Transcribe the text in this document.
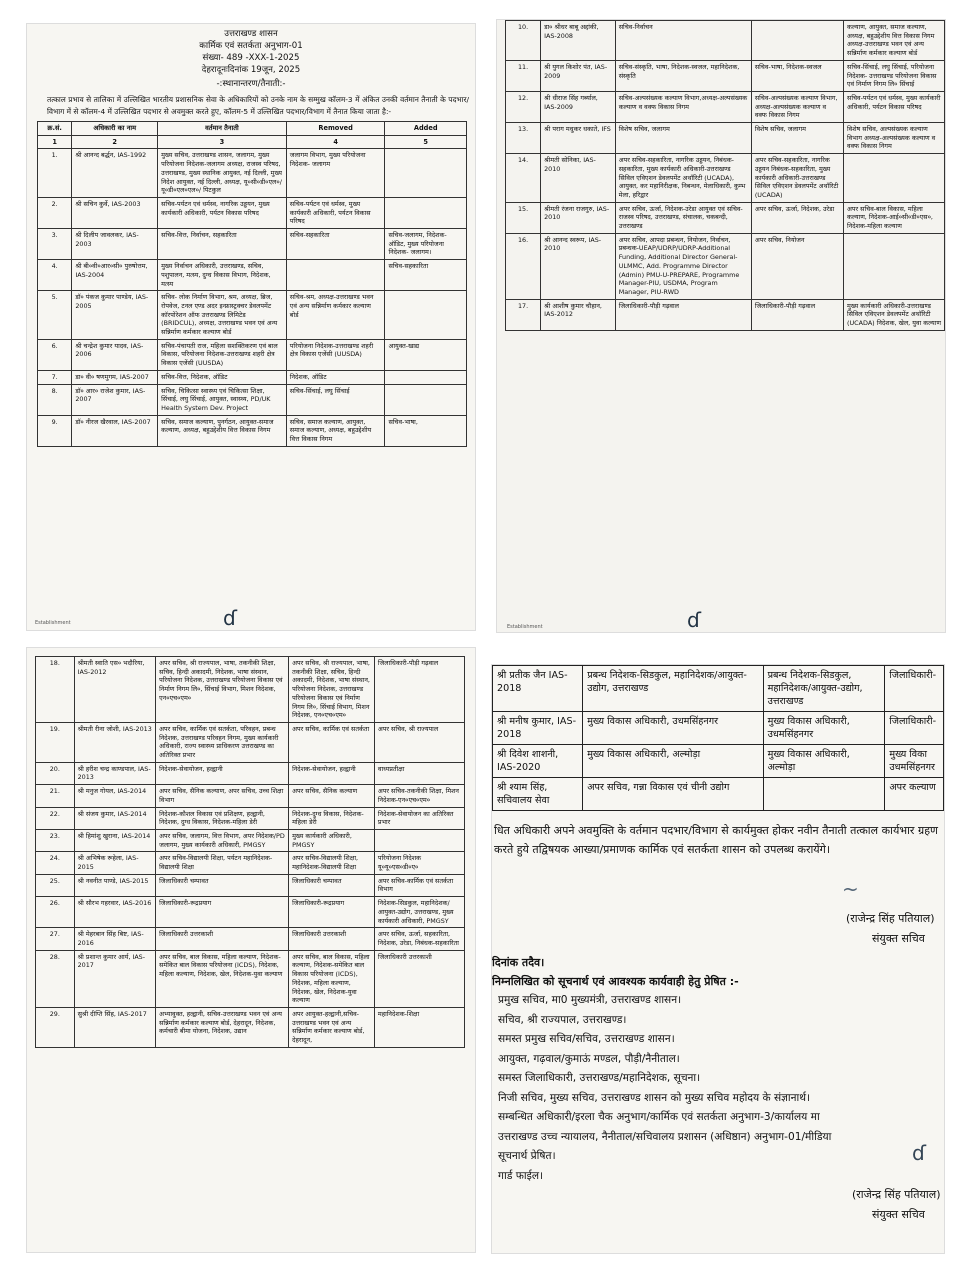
उत्तराखण्ड शासन
कार्मिक एवं सतर्कता अनुभाग-01
संख्या- 489 -XXX-1-2025
देहरादूनःदिनांक 19जून, 2025
-:स्थानान्तरण/तैनाती:-
तत्काल प्रभाव से तालिका में उल्लिखित भारतीय प्रशासनिक सेवा के अधिकारियों को उनके नाम के सम्मुख कॉलम-3 में अंकित उनकी वर्तमान तैनाती के पदभार/विभाग में से कॉलम-4 में उल्लिखित पदभार से अवमुक्त करते हुए, कॉलम-5 में उल्लिखित पदभार/विभाग में तैनात किया जाता है:-
क्र.सं.	अधिकारी का नाम	वर्तमान तैनाती	Removed	Added
1	2	3	4	5
1.	श्री आनन्द बर्द्धन, IAS-1992	मुख्य सचिव, उत्तराखण्ड शासन, जलागम, मुख्य परियोजना निदेशक-जलागम अध्यक्ष, राजस्व परिषद, उत्तराखण्ड, मुख्य स्थानिक आयुक्त, नई दिल्ली, मुख्य निदेश आयुक्त, नई दिल्ली, अध्यक्ष, यू०सी०डी०एल०/ यू०डी०एल०एल०/ पिटकुल	जलागम विभाग, मुख्य परियोजना निदेशक- जलागम	
2.	श्री सचिन कुर्वे, IAS-2003	सचिव-पर्यटन एवं धर्मस्व, नागरिक उड्डयन, मुख्य कार्यकारी अधिकारी, पर्यटन विकास परिषद	सचिव-पर्यटन एवं धर्मस्व, मुख्य कार्यकारी अधिकारी, पर्यटन विकास परिषद	
3.	श्री दिलीप जावलकर, IAS-2003	सचिव-वित्त, निर्वाचन, सहकारिता	सचिव-सहकारिता	सचिव-जलागम, निदेशक-ऑडिट, मुख्य परियोजना निदेशक- जलागम।
4.	श्री बी०वी०आर०सी० पुरुषोत्तम, IAS-2004	मुख्य निर्वाचन अधिकारी, उत्तराखण्ड, सचिव, पशुपालन, मत्स्य, दुग्ध विकास विभाग, निदेशक, मत्स्य		सचिव-सहकारिता
5.	डॉ० पंकज कुमार पाण्डेय, IAS-2005	सचिव- लोक निर्माण विभाग, श्रम, अध्यक्ष, ब्रिज, रोपवेज, टनल एण्ड अदर इन्फ्रास्ट्रक्चर डेवलपमेंट कॉरपोरेशन ऑफ उत्तराखण्ड लिमिटेड (BRIDCUL), अध्यक्ष, उत्तराखण्ड भवन एवं अन्य सन्निर्माण कर्मकार कल्याण बोर्ड	सचिव-श्रम, अध्यक्ष-उत्तराखण्ड भवन एवं अन्य सन्निर्माण कर्मकार कल्याण बोर्ड	
6.	श्री चन्द्रेश कुमार यादव, IAS-2006	सचिव-पंचायती राज, महिला सशक्तिकरण एवं बाल विकास, परियोजना निदेशक-उत्तराखण्ड शहरी क्षेत्र विकास एजेंसी (UUSDA)	परियोजना निदेशक-उत्तराखण्ड शहरी क्षेत्र विकास एजेंसी (UUSDA)	आयुक्त-खाद्य
7.	डा० वी० षणमुगम, IAS-2007	सचिव-वित्त, निदेशक, ऑडिट	निदेशक, ऑडिट	
8.	डॉ० आर० राजेश कुमार, IAS-2007	सचिव, चिकित्सा स्वास्थ्य एवं चिकित्सा शिक्षा, सिंचाई, लघु सिंचाई, आयुक्त, स्वास्थ्य, PD/UK Health System Dev. Project	सचिव-सिंचाई, लघु सिंचाई	
9.	डॉ० नीरज खैरवाल, IAS-2007	सचिव, समाज कल्याण, पुनर्गठन, आयुक्त-समाज कल्याण, अध्यक्ष, बहुउद्देशीय वित्त विकास निगम	सचिव, समाज कल्याण, आयुक्त, समाज कल्याण, अध्यक्ष, बहुउद्देशीय वित्त विकास निगम	सचिव-भाषा,
Establishment	ɗ
10.	डा० श्रीधर बाबू अद्दांकी, IAS-2008	सचिव-निर्वाचन		कल्याण, आयुक्त, समाज कल्याण, अध्यक्ष, बहुउद्देशीय वित्त विकास निगम अध्यक्ष-उत्तराखण्ड भवन एवं अन्य सन्निर्माण कर्मकार कल्याण बोर्ड
11.	श्री युगल किशोर पंत, IAS-2009	सचिव-संस्कृति, भाषा, निदेशक-स्वजल, महानिदेशक, संस्कृति	सचिव-भाषा, निदेशक-स्वजल	सचिव-सिंचाई, लघु सिंचाई, परियोजना निदेशक- उत्तराखण्ड परियोजना विकास एवं निर्माण निगम लि० सिंचाई
12.	श्री धीराज सिंह गर्ब्याल, IAS-2009	सचिव-अल्पसंख्यक कल्याण विभाग,अध्यक्ष-अल्पसंख्यक कल्याण व वक्फ विकास निगम	सचिव-अल्पसंख्यक कल्याण विभाग, अध्यक्ष-अल्पसंख्यक कल्याण व वक्फ विकास निगम	सचिव-पर्यटन एवं धर्मस्व, मुख्य कार्यकारी अधिकारी, पर्यटन विकास परिषद
13.	श्री पराग मधुकर धकाते, IFS	विशेष सचिव, जलागम	विशेष सचिव, जलागम	विशेष सचिव, अल्पसंख्यक कल्याण विभाग अध्यक्ष-अल्पसंख्यक कल्याण व वक्फ विकास निगम
14.	श्रीमती सोनिका, IAS-2010	अपर सचिव-सहकारिता, नागरिक उड्डयन, निबंधक-सहकारिता, मुख्य कार्यकारी अधिकारी-उत्तराखण्ड सिविल एविएशन डेवलपमेंट अथॉरिटी (UCADA), आयुक्त, कर महानिरीक्षक, निबन्धन, मेलाधिकारी, कुम्भ मेला, हरिद्वार	अपर सचिव-सहकारिता, नागरिक उड्डयन निबंधक-सहकारिता, मुख्य कार्यकारी अधिकारी-उत्तराखण्ड सिविल एविएशन डेवलपमेंट अथॉरिटी (UCADA)	
15.	श्रीमती रंजना राजगुरु, IAS-2010	अपर सचिव, ऊर्जा, निदेशक-उरेडा आयुक्त एवं सचिव-राजस्व परिषद, उत्तराखण्ड, संचालक, चकबन्दी, उत्तराखण्ड	अपर सचिव, ऊर्जा, निदेशक, उरेडा	अपर सचिव-बाल विकास, महिला कल्याण, निदेशक-आई०सी०डी०एस०, निदेशक-महिला कल्याण
16.	श्री आनन्द स्वरूप, IAS-2010	अपर सचिव, आपदा प्रबन्धन, नियोजन, निर्वाचन, प्रबन्धक-UEAP/UDRP/UDRP-Additional Funding, Additional Director General-ULMMC, Add. Programme Director (Admin) PMU-U-PREPARE, Programme Manager-PIU, USDMA, Program Manager, PIU-RWD	अपर सचिव, नियोजन	
17.	श्री आशीष कुमार चौहान, IAS-2012	जिलाधिकारी-पौड़ी गढ़वाल	जिलाधिकारी-पौड़ी गढ़वाल	मुख्य कार्यकारी अधिकारी-उत्तराखण्ड सिविल एविएशन डेवलपमेंट अथॉरिटी (UCADA) निदेशक, खेल, युवा कल्याण
Establishment	ɗ
18.	श्रीमती स्वाति एस० भदौरिया, IAS-2012	अपर सचिव, श्री राज्यपाल, भाषा, तकनीकी शिक्षा, सचिव, हिन्दी अकादमी, निदेशक, भाषा संस्थान, परियोजना निदेशक, उत्तराखण्ड परियोजना विकास एवं निर्माण निगम लि०, सिंचाई विभाग, मिशन निदेशक, एन०एच०एम०	अपर सचिव, श्री राज्यपाल, भाषा, तकनीकी शिक्षा, सचिव, हिन्दी अकादमी, निदेशक, भाषा संस्थान, परियोजना निदेशक, उत्तराखण्ड परियोजना विकास एवं निर्माण निगम लि०, सिंचाई विभाग, मिशन निदेशक, एन०एच०एम०	जिलाधिकारी-पौड़ी गढ़वाल
19.	श्रीमती रीना जोशी, IAS-2013	अपर सचिव, कार्मिक एवं सतर्कता, परिवहन, प्रबन्ध निदेशक, उत्तराखण्ड परिवहन निगम, मुख्य कार्यकारी अधिकारी, राज्य स्वास्थ्य प्राधिकरण उत्तराखण्ड का अतिरिक्त प्रभार	अपर सचिव, कार्मिक एवं सतर्कता	अपर सचिव, श्री राज्यपाल
20.	श्री हरीश चन्द्र काण्डपाल, IAS-2013	निदेशक-सेवायोजन, हल्द्वानी	निदेशक-सेवायोजन, हल्द्वानी	वाध्यप्रतीक्षा
21.	श्री मनुज गोयल, IAS-2014	अपर सचिव, सैनिक कल्याण, अपर सचिव, उच्च शिक्षा विभाग	अपर सचिव, सैनिक कल्याण	अपर सचिव-तकनीकी शिक्षा, मिशन निदेशक-एन०एच०एम०
22.	श्री संजय कुमार, IAS-2014	निदेशक-कौशल विकास एवं प्रशिक्षण, हल्द्वानी, निदेशक, दुग्ध विकास, निदेशक-महिला डेरी	निदेशक-दुग्ध विकास, निदेशक-महिला डेरी	निदेशक-सेवायोजन का अतिरिक्त प्रभार
23.	श्री हिमांशु खुराना, IAS-2014	अपर सचिव, जलागम, वित्त विभाग, अपर निदेशक/PD जलागम, मुख्य कार्यकारी अधिकारी, PMGSY	मुख्य कार्यकारी अधिकारी, PMGSY	
24.	श्री अभिषेक रूहेला, IAS-2015	अपर सचिव-विद्यालयी शिक्षा, पर्यटन महानिदेशक- विद्यालयी शिक्षा	अपर सचिव-विद्यालयी शिक्षा, महानिदेशक-विद्यालयी शिक्षा	परियोजना निदेशक यू०यू०एस०डी०ए०
25.	श्री नवनीत पाण्डे, IAS-2015	जिलाधिकारी चम्पावत	जिलाधिकारी चम्पावत	अपर सचिव-कार्मिक एवं सतर्कता विभाग
26.	श्री सौरभ गहरवार, IAS-2016	जिलाधिकारी-रूद्रप्रयाग	जिलाधिकारी-रूद्रप्रयाग	निदेशक-सिडकुल, महानिदेशक/आयुक्त-उद्योग, उत्तराखण्ड, मुख्य कार्यकारी अधिकारी, PMGSY
27.	श्री मेहरबान सिंह बिष्ट, IAS-2016	जिलाधिकारी उत्तरकाशी	जिलाधिकारी उत्तरकाशी	अपर सचिव, ऊर्जा, सहकारिता, निदेशक, उरेडा, निबंधक-सहकारिता
28.	श्री प्रशान्त कुमार आर्य, IAS-2017	अपर सचिव, बाल विकास, महिला कल्याण, निदेशक-समेकित बाल विकास परियोजना (ICDS), निदेशक, महिला कल्याण, निदेशक, खेल, निदेशक-युवा कल्याण	अपर सचिव, बाल विकास, महिला कल्याण, निदेशक-समेकित बाल विकास परियोजना (ICDS), निदेशक, महिला कल्याण, निदेशक, खेल, निदेशक-युवा कल्याण	जिलाधिकारी उत्तरकाशी
29.	सुश्री दीप्ति सिंह, IAS-2017	अभ्यावुक्त, हल्द्वानी, सचिव-उत्तराखण्ड भवन एवं अन्य सन्निर्माण कर्मकार कल्याण बोर्ड, देहरादून, निदेशक, कर्मचारी बीमा योजना, निदेशक, उद्यान	अपर आयुक्त-हल्द्वानी,सचिव-उत्तराखण्ड भवन एवं अन्य सन्निर्माण कर्मकार कल्याण बोर्ड, देहरादून,	महानिदेशक-शिक्षा
श्री प्रतीक जैन IAS-2018	प्रबन्ध निदेशक-सिडकुल, महानिदेशक/आयुक्त-उद्योग, उत्तराखण्ड	प्रबन्ध निदेशक-सिडकुल, महानिदेशक/आयुक्त-उद्योग, उत्तराखण्ड	जिलाधिकारी-
श्री मनीष कुमार, IAS-2018	मुख्य विकास अधिकारी, उधमसिंहनगर	मुख्य विकास अधिकारी, उधमसिंहनगर	जिलाधिकारी-
श्री दिवेश शाशनी, IAS-2020	मुख्य विकास अधिकारी, अल्मोड़ा	मुख्य विकास अधिकारी, अल्मोड़ा	मुख्य विका उधमसिंहनगर
श्री श्याम सिंह, सचिवालय सेवा	अपर सचिव, गन्ना विकास एवं चीनी उद्योग		अपर कल्याण
धित अधिकारी अपने अवमुक्ति के वर्तमान पदभार/विभाग से कार्यमुक्त होकर नवीन तैनाती तत्काल कार्यभार ग्रहण करते हुये तद्विषयक आख्या/प्रमाणक कार्मिक एवं सतर्कता शासन को उपलब्ध करायेंगे।
~
(राजेन्द्र सिंह पतियाल)
संयुक्त सचिव
दिनांक तदैव।
निम्नलिखित को सूचनार्थ एवं आवश्यक कार्यवाही हेतु प्रेषित :-
प्रमुख सचिव, मा0 मुख्यमंत्री, उत्तराखण्ड शासन।
सचिव, श्री राज्यपाल, उत्तराखण्ड।
समस्त प्रमुख सचिव/सचिव, उत्तराखण्ड शासन।
आयुक्त, गढ़वाल/कुमाऊं मण्डल, पौड़ी/नैनीताल।
समस्त जिलाधिकारी, उत्तराखण्ड/महानिदेशक, सूचना।
निजी सचिव, मुख्य सचिव, उत्तराखण्ड शासन को मुख्य सचिव महोदय के संज्ञानार्थ।
सम्बन्धित अधिकारी/इरला चैक अनुभाग/कार्मिक एवं सतर्कता अनुभाग-3/कार्यालय मा
उत्तराखण्ड उच्च न्यायालय, नैनीताल/सचिवालय प्रशासन (अधिष्ठान) अनुभाग-01/मीडिया
सूचनार्थ प्रेषित।
गार्ड फाईल।
ɗ
(राजेन्द्र सिंह पतियाल)
संयुक्त सचिव
